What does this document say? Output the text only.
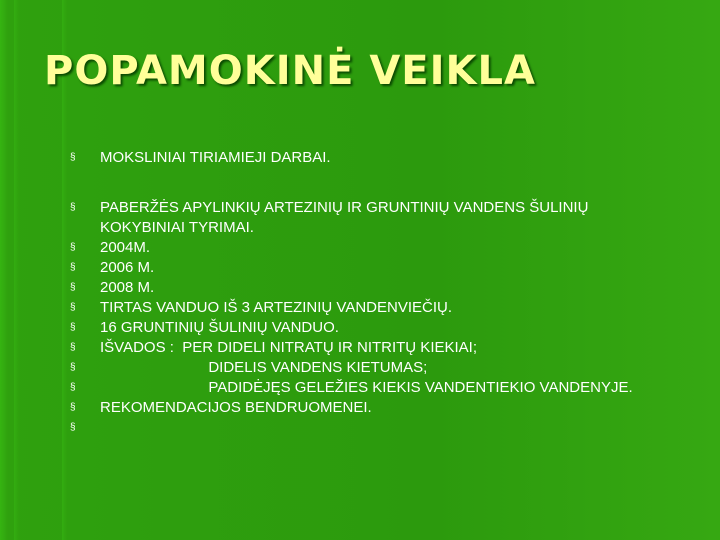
POPAMOKINĖ VEIKLA
§	MOKSLINIAI TIRIAMIEJI DARBAI.
§	PABERŽĖS APYLINKIŲ ARTEZINIŲ IR GRUNTINIŲ VANDENS ŠULINIŲ
KOKYBINIAI TYRIMAI.
§	2004M.
§	2006 M.
§	2008 M.
§	TIRTAS VANDUO IŠ 3 ARTEZINIŲ VANDENVIEČIŲ.
§	16 GRUNTINIŲ ŠULINIŲ VANDUO.
§	IŠVADOS :  PER DIDELI NITRATŲ IR NITRITŲ KIEKIAI;
§	DIDELIS VANDENS KIETUMAS;
§	PADIDĖJĘS GELEŽIES KIEKIS VANDENTIEKIO VANDENYJE.
§	REKOMENDACIJOS BENDRUOMENEI.
§
